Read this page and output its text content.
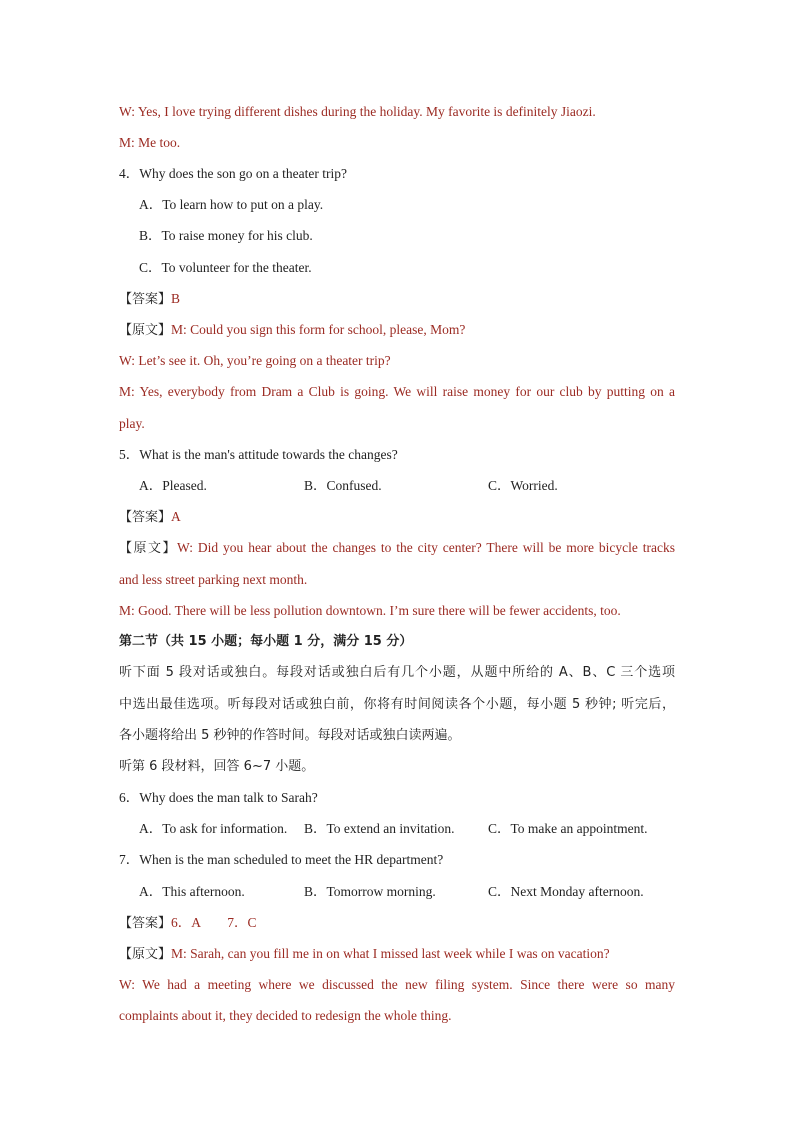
W: Yes, I love trying different dishes during the holiday. My favorite is definitely Jiaozi.
M: Me too.
4．Why does the son go on a theater trip?
A．To learn how to put on a play.
B．To raise money for his club.
C．To volunteer for the theater.
【答案】B
【原文】M: Could you sign this form for school, please, Mom?
W: Let’s see it. Oh, you’re going on a theater trip?
M: Yes, everybody from Dram a Club is going. We will raise money for our club by putting on a
play.
5．What is the man's attitude towards the changes?
A．Pleased.	B．Confused.	C．Worried.
【答案】A
【原文】W: Did you hear about the changes to the city center? There will be more bicycle tracks
and less street parking next month.
M: Good. There will be less pollution downtown. I’m sure there will be fewer accidents, too.
第二节（共 15 小题；每小题 1 分，满分 15 分）
听下面 5 段对话或独白。每段对话或独白后有几个小题，从题中所给的 A、B、C 三个选项
中选出最佳选项。听每段对话或独白前，你将有时间阅读各个小题，每小题 5 秒钟; 听完后，
各小题将给出 5 秒钟的作答时间。每段对话或独白读两遍。
听第 6 段材料，回答 6~7 小题。
6．Why does the man talk to Sarah?
A．To ask for information. B．To extend an invitation. C．To make an appointment.
7．When is the man scheduled to meet the HR department?
A．This afternoon.	B．Tomorrow morning.	C．Next Monday afternoon.
【答案】6．A　　7．C
【原文】M: Sarah, can you fill me in on what I missed last week while I was on vacation?
W: We had a meeting where we discussed the new filing system. Since there were so many
complaints about it, they decided to redesign the whole thing.
